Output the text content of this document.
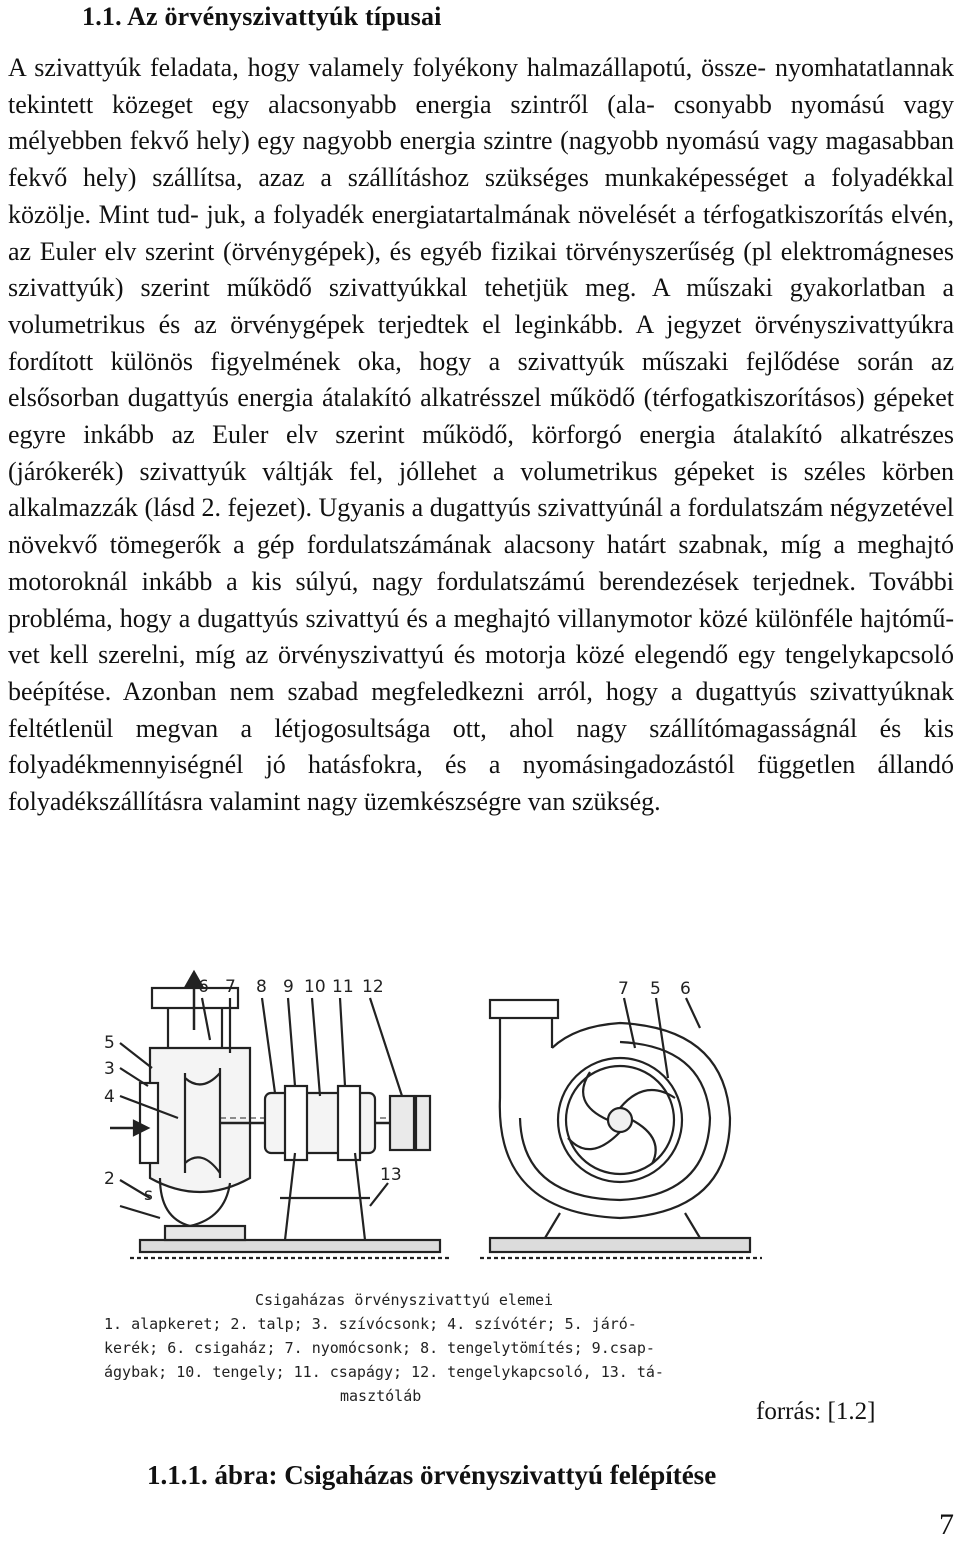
1.1. Az örvényszivattyúk típusai

A szivattyúk feladata, hogy valamely folyékony halmazállapotú, össze- nyomhatatlannak tekintett közeget egy alacsonyabb energia szintről (ala- csonyabb nyomású vagy mélyebben fekvő hely) egy nagyobb energia szintre (nagyobb nyomású vagy magasabban fekvő hely) szállítsa, azaz a szállításhoz szükséges munkaképességet a folyadékkal közölje. Mint tud- juk, a folyadék energiatartalmának növelését a térfogatkiszorítás elvén, az Euler elv szerint (örvénygépek), és egyéb fizikai törvényszerűség (pl elektromágneses szivattyúk) szerint működő szivattyúkkal tehetjük meg. A műszaki gyakorlatban a volumetrikus és az örvénygépek terjedtek el leginkább. A jegyzet örvényszivattyúkra fordított különös figyelmének oka, hogy a szivattyúk műszaki fejlődése során az elsősorban dugattyús energia átalakító alkatrésszel működő (térfogatkiszorításos) gépeket egyre inkább az Euler elv szerint működő, körforgó energia átalakító alkatrészes (járókerék) szivattyúk váltják fel, jóllehet a volumetrikus gépeket is széles körben alkalmazzák (lásd 2. fejezet). Ugyanis a dugattyús szivattyúnál a fordulatszám négyzetével növekvő tömegerők a gép fordulatszámának alacsony határt szabnak, míg a meghajtó motoroknál inkább a kis súlyú, nagy fordulatszámú berendezések terjednek. További probléma, hogy a dugattyús szivattyú és a meghajtó villanymotor közé különféle hajtómű- vet kell szerelni, míg az örvényszivattyú és motorja közé elegendő egy tengelykapcsoló beépítése. Azonban nem szabad megfeledkezni arról, hogy a dugattyús szivattyúknak feltétlenül megvan a létjogosultsága ott, ahol nagy szállítómagasságnál és kis folyadékmennyiségnél jó hatásfokra, és a nyomásingadozástól független állandó folyadékszállításra valamint nagy üzemkészségre van szükség.

6 7 8 9 10 11 12
5
3
4
2
s
13
7 5 6
Csigaházas örvényszivattyú elemei
1. alapkeret; 2. talp; 3. szívócsonk; 4. szívótér; 5. járó-
kerék; 6. csigaház; 7. nyomócsonk; 8. tengelytömítés; 9.csap-
ágybak; 10. tengely; 11. csapágy; 12. tengelykapcsoló, 13. tá-
masztóláb
forrás: [1.2]

1.1.1. ábra: Csigaházas örvényszivattyú felépítése

7
